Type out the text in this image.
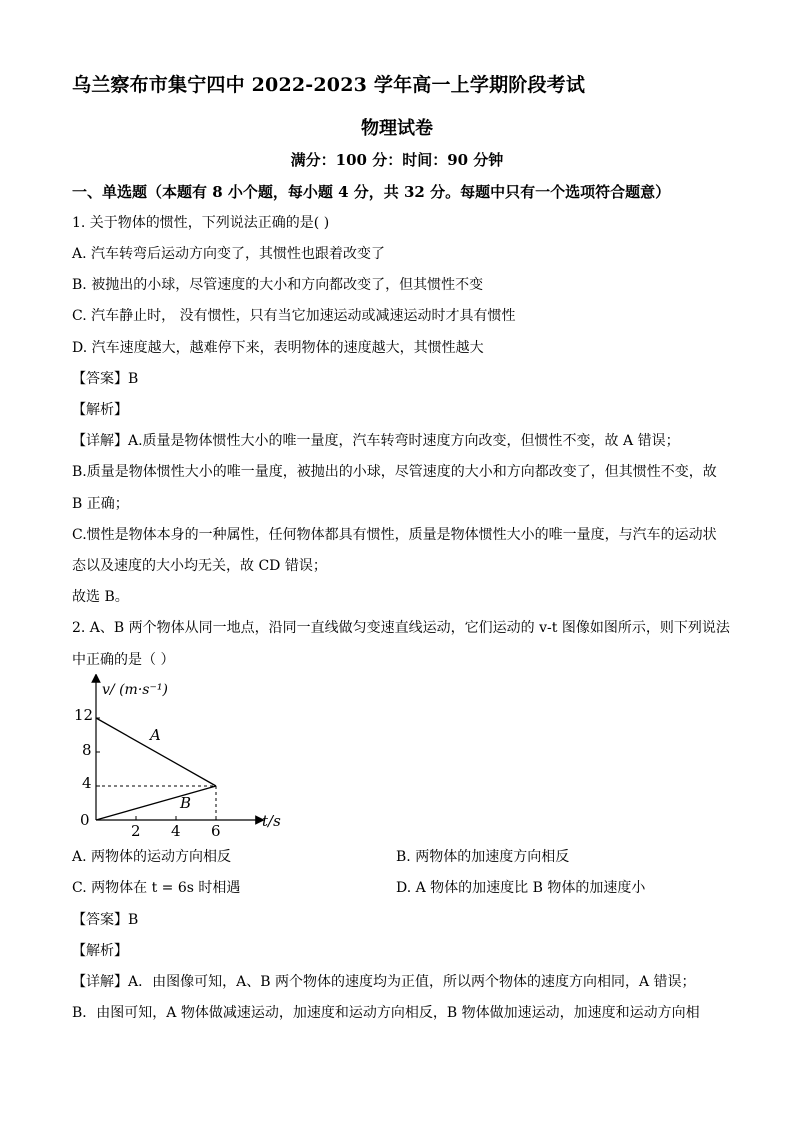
乌兰察布市集宁四中 2022-2023 学年高一上学期阶段考试
物理试卷
满分：100 分：时间：90 分钟
一、单选题（本题有 8 小个题，每小题 4 分，共 32 分。每题中只有一个选项符合题意）
1. 关于物体的惯性，下列说法正确的是( )
A. 汽车转弯后运动方向变了，其惯性也跟着改变了
B. 被抛出的小球，尽管速度的大小和方向都改变了，但其惯性不变
C. 汽车静止时， 没有惯性，只有当它加速运动或减速运动时才具有惯性
D. 汽车速度越大，越难停下来，表明物体的速度越大，其惯性越大
【答案】B
【解析】
【详解】A.质量是物体惯性大小的唯一量度，汽车转弯时速度方向改变，但惯性不变，故 A 错误；
B.质量是物体惯性大小的唯一量度，被抛出的小球，尽管速度的大小和方向都改变了，但其惯性不变，故
B 正确；
C.惯性是物体本身的一种属性，任何物体都具有惯性，质量是物体惯性大小的唯一量度，与汽车的运动状
态以及速度的大小均无关，故 CD 错误；
故选 B。
2. A、B 两个物体从同一地点，沿同一直线做匀变速直线运动，它们运动的 v-t 图像如图所示，则下列说法
中正确的是（ ）
v/ (m·s⁻¹)
t/s
0
12
8
4
2 4 6
A
B
A. 两物体的运动方向相反	B. 两物体的加速度方向相反
C. 两物体在 t = 6s 时相遇	D. A 物体的加速度比 B 物体的加速度小
【答案】B
【解析】
【详解】A．由图像可知，A、B 两个物体的速度均为正值，所以两个物体的速度方向相同，A 错误；
B．由图可知，A 物体做减速运动，加速度和运动方向相反，B 物体做加速运动，加速度和运动方向相
